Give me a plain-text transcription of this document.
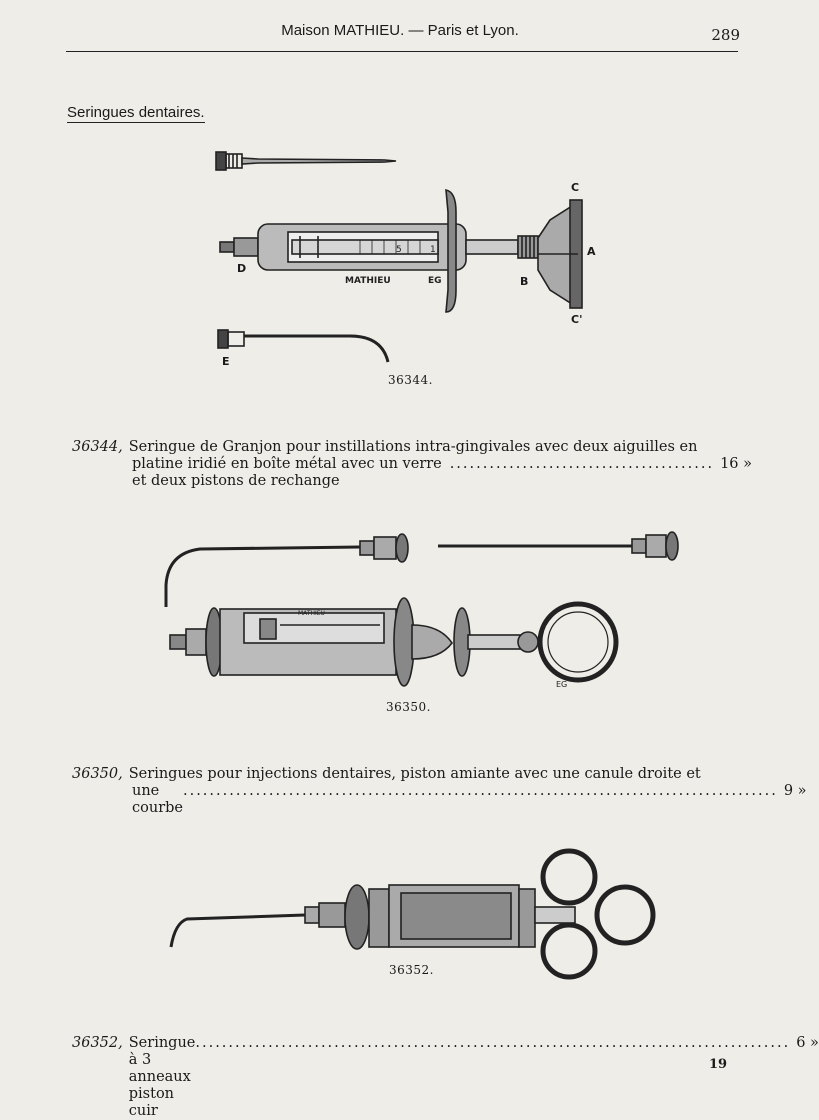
Maison MATHIEU. — Paris et Lyon.	289
Seringues dentaires.
MATHIEU	EG
5	1
C
A
B
C'
D
E
36344.
36344, Seringue de Granjon pour instillations intra-gingivales avec deux aiguilles en
platine iridié en boîte métal avec un verre et deux pistons de rechange
........................................ 16 »
MATHIEU
EG
36350.
36350, Seringues pour injections dentaires, piston amiante avec une canule droite et
une courbe
.......................................................................................... 9 »
36352.
36352, Seringue à 3 anneaux piston cuir
.......................................................................................... 6 »
19
